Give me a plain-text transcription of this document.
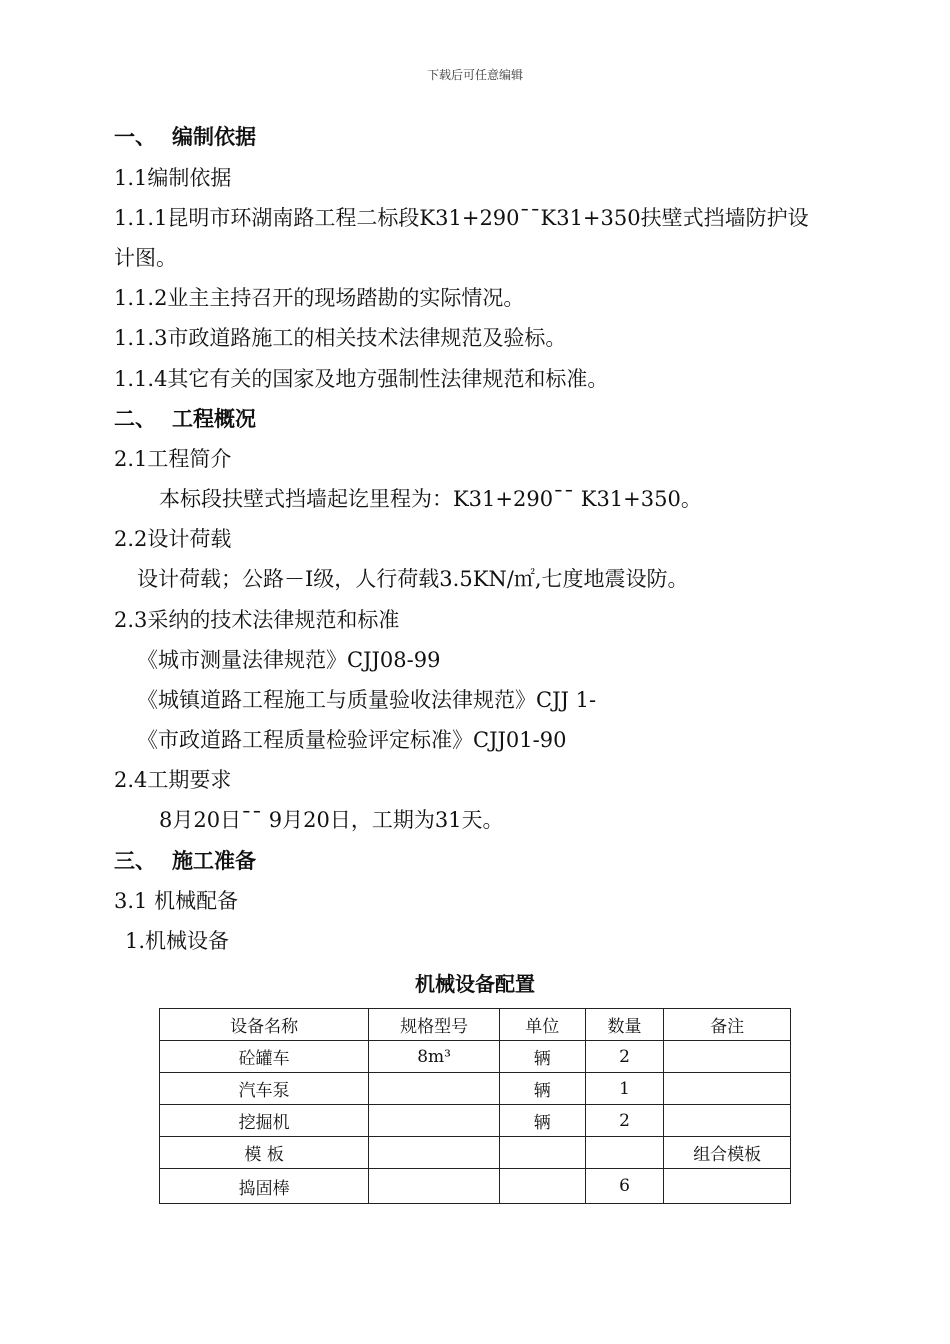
下载后可任意编辑
一、 编制依据
1.1编制依据
1.1.1昆明市环湖南路工程二标段K31+290¯¯K31+350扶壁式挡墙防护设
计图。
1.1.2业主主持召开的现场踏勘的实际情况。
1.1.3市政道路施工的相关技术法律规范及验标。
1.1.4其它有关的国家及地方强制性法律规范和标准。
二、 工程概况
2.1工程简介
本标段扶壁式挡墙起讫里程为：K31+290¯¯ K31+350。
2.2设计荷载
设计荷载；公路－I级，人行荷载3.5KN/㎡,七度地震设防。
2.3采纳的技术法律规范和标准
《城市测量法律规范》CJJ08-99
《城镇道路工程施工与质量验收法律规范》CJJ 1-
《市政道路工程质量检验评定标准》CJJ01-90
2.4工期要求
8月20日¯¯ 9月20日，工期为31天。
三、 施工准备
3.1 机械配备
1.机械设备
机械设备配置
设备名称	规格型号	单位	数量	备注
砼罐车	8m³	辆	2	
汽车泵		辆	1	
挖掘机		辆	2	
模 板				组合模板
捣固棒			6	
